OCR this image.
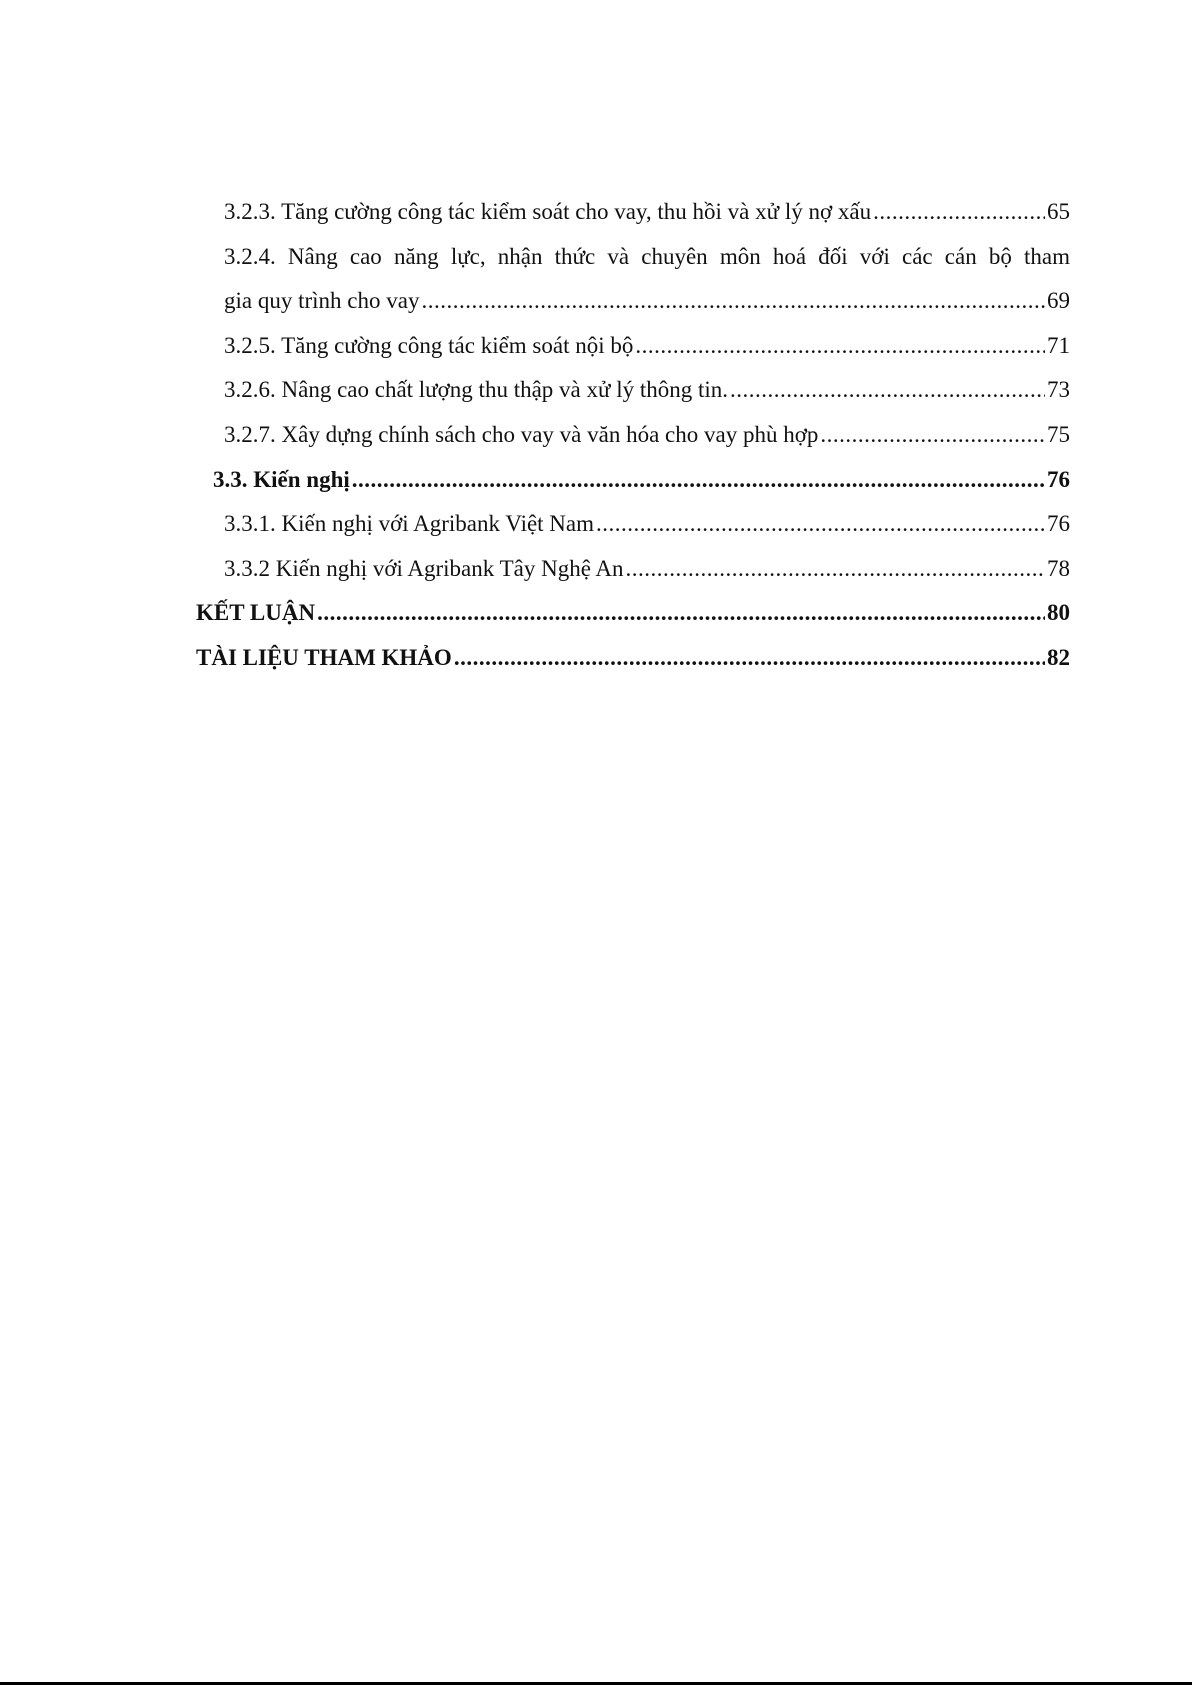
3.2.3. Tăng cường công tác kiểm soát cho vay, thu hồi và xử lý nợ xấu .....	65
3.2.4. Nâng cao năng lực, nhận thức và chuyên môn hoá đối với các cán bộ tham
gia quy trình cho vay .....	69
3.2.5. Tăng cường công tác kiểm soát nội bộ .....	71
3.2.6. Nâng cao chất lượng thu thập và xử lý thông tin. .....	73
3.2.7. Xây dựng chính sách cho vay và văn hóa cho vay phù hợp .....	75
3.3. Kiến nghị .....	76
3.3.1. Kiến nghị với Agribank Việt Nam .....	76
3.3.2 Kiến nghị với Agribank Tây Nghệ An .....	78
KẾT LUẬN .....	80
TÀI LIỆU THAM KHẢO .....	82
